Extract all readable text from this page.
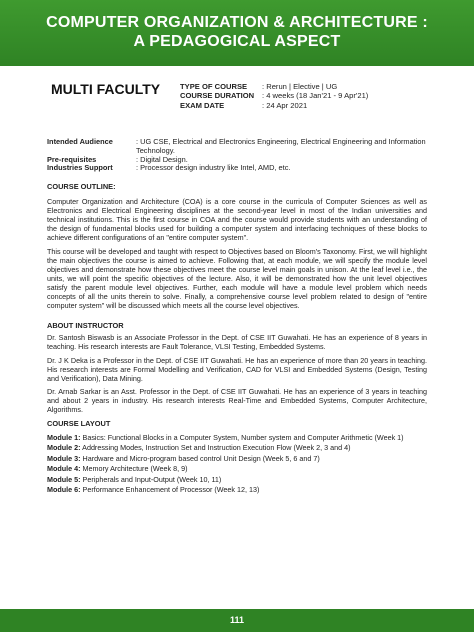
COMPUTER ORGANIZATION & ARCHITECTURE :
A PEDAGOGICAL ASPECT
MULTI FACULTY	TYPE OF COURSE	: Rerun | Elective | UG
COURSE DURATION	: 4 weeks (18 Jan'21 - 9 Apr'21)
EXAM DATE	: 24 Apr 2021
Intended Audience	: UG CSE, Electrical and Electronics Engineering, Electrical Engineering and Information Technology.
Pre-requisites	: Digital Design.
Industries Support	: Processor design industry like Intel, AMD, etc.
COURSE OUTLINE:
Computer Organization and Architecture (COA) is a core course in the curricula of Computer Sciences as well as Electronics and Electrical Engineering disciplines at the second-year level in most of the Indian universities and technical institutions. This is the first course in COA and the course would provide students with an understanding of the design of fundamental blocks used for building a computer system and interfacing techniques of these blocks to achieve different configurations of an "entire computer system".
This course will be developed and taught with respect to Objectives based on Bloom's Taxonomy. First, we will highlight the main objectives the course is aimed to achieve. Following that, at each module, we will specify the module level objectives and demonstrate how these objectives meet the course level main goals in unison. At the leaf level i.e., the units, we will point the specific objectives of the lecture. Also, it will be demonstrated how the unit level objectives satisfy the parent module level objectives. Further, each module will have a module level problem which needs concepts of all the units therein to solve. Finally, a comprehensive course level problem related to design of "entire computer system" will be discussed which meets all the course level objectives.
ABOUT INSTRUCTOR
Dr. Santosh Biswasb is an Associate Professor in the Dept. of CSE IIT Guwahati. He has an experience of 8 years in teaching. His research interests are Fault Tolerance, VLSI Testing, Embedded Systems.
Dr. J K Deka is a Professor in the Dept. of CSE IIT Guwahati. He has an experience of more than 20 years in teaching. His research interests are Formal Modelling and Verification, CAD for VLSI and Embedded Systems (Design, Testing and Verification), Data Mining.
Dr. Arnab Sarkar is an Asst. Professor in the Dept. of CSE IIT Guwahati. He has an experience of 3 years in teaching and about 2 years in industry. His research interests Real-Time and Embedded Systems, Computer Architecture, Algorithms.
COURSE LAYOUT
Module 1: Basics: Functional Blocks in a Computer System, Number system and Computer Arithmetic (Week 1)
Module 2: Addressing Modes, Instruction Set and Instruction Execution Flow (Week 2, 3 and 4)
Module 3: Hardware and Micro-program based control Unit Design (Week 5, 6 and 7)
Module 4: Memory Architecture (Week 8, 9)
Module 5: Peripherals and Input-Output (Week 10, 11)
Module 6: Performance Enhancement of Processor (Week 12, 13)
111
